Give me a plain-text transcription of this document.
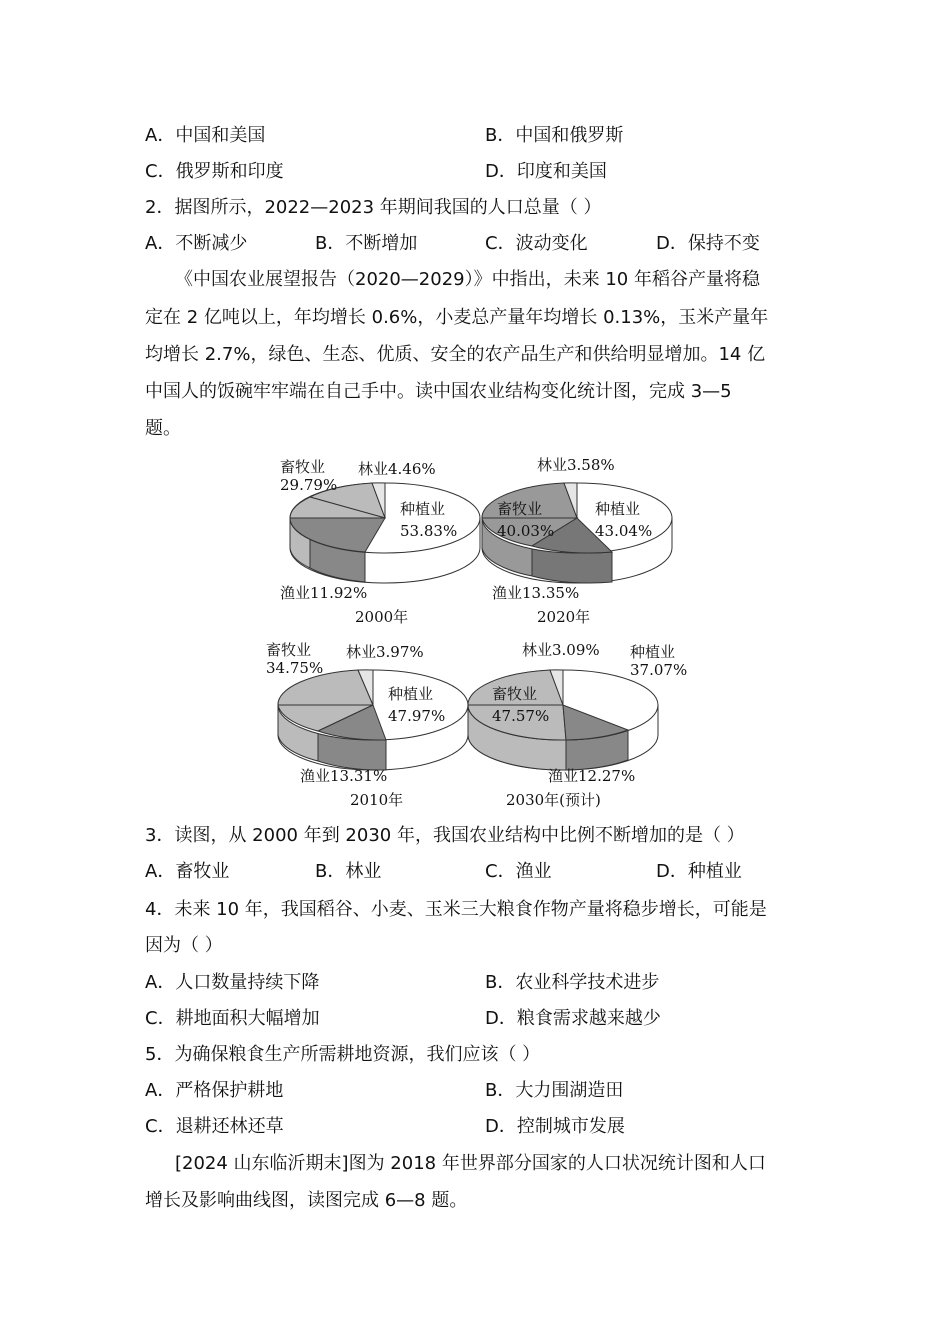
A．中国和美国	B．中国和俄罗斯
C．俄罗斯和印度	D．印度和美国
2．据图所示，2022—2023 年期间我国的人口总量（ ）
A．不断减少	B．不断增加	C．波动变化	D．保持不变
《中国农业展望报告（2020—2029）》中指出，未来 10 年稻谷产量将稳
定在 2 亿吨以上，年均增长 0.6%，小麦总产量年均增长 0.13%，玉米产量年
均增长 2.7%，绿色、生态、优质、安全的农产品生产和供给明显增加。14 亿
中国人的饭碗牢牢端在自己手中。读中国农业结构变化统计图，完成 3—5
题。
畜牧业
29.79%
林业4.46%
种植业
53.83%
渔业11.92%
2000年
林业3.58%
畜牧业
40.03%
种植业
43.04%
渔业13.35%
2020年
畜牧业
34.75%
林业3.97%
种植业
47.97%
渔业13.31%
2010年
林业3.09% 种植业
37.07%
畜牧业
47.57%
渔业12.27%
2030年(预计)
3．读图，从 2000 年到 2030 年，我国农业结构中比例不断增加的是（ ）
A．畜牧业	B．林业	C．渔业	D．种植业
4．未来 10 年，我国稻谷、小麦、玉米三大粮食作物产量将稳步增长，可能是
因为（ ）
A．人口数量持续下降	B．农业科学技术进步
C．耕地面积大幅增加	D．粮食需求越来越少
5．为确保粮食生产所需耕地资源，我们应该（ ）
A．严格保护耕地	B．大力围湖造田
C．退耕还林还草	D．控制城市发展
[2024 山东临沂期末]图为 2018 年世界部分国家的人口状况统计图和人口
增长及影响曲线图，读图完成 6—8 题。
